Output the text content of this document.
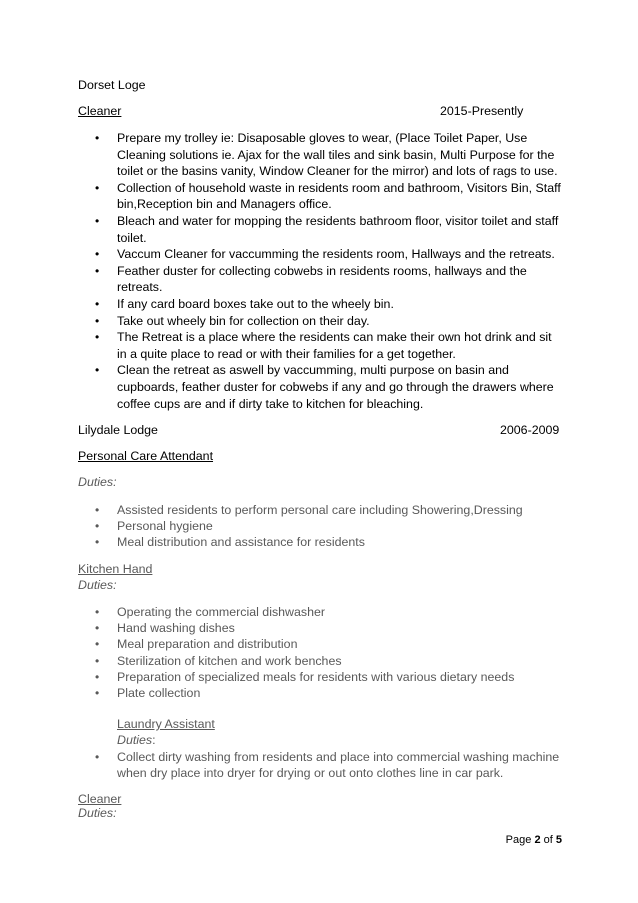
Dorset Loge
Cleaner	2015-Presently
• Prepare my trolley ie: Disaposable gloves to wear, (Place Toilet Paper, Use Cleaning solutions ie. Ajax for the wall tiles and sink basin, Multi Purpose for the toilet or the basins vanity, Window Cleaner for the mirror) and lots of rags to use.
• Collection of household waste in residents room and bathroom, Visitors Bin, Staff bin,Reception bin and Managers office.
• Bleach and water for mopping the residents bathroom floor, visitor toilet and staff toilet.
• Vaccum Cleaner for vaccumming the residents room, Hallways and the retreats.
• Feather duster for collecting cobwebs in residents rooms, hallways and the retreats.
• If any card board boxes take out to the wheely bin.
• Take out wheely bin for collection on their day.
• The Retreat is a place where the residents can make their own hot drink and sit in a quite place to read or with their families for a get together.
• Clean the retreat as aswell by vaccumming, multi purpose on basin and cupboards, feather duster for cobwebs if any and go through the drawers where coffee cups are and if dirty take to kitchen for bleaching.
Lilydale Lodge	2006-2009
Personal Care Attendant
Duties:
• Assisted residents to perform personal care including Showering,Dressing
• Personal hygiene
• Meal distribution and assistance for residents
Kitchen Hand
Duties:
• Operating the commercial dishwasher
• Hand washing dishes
• Meal preparation and distribution
• Sterilization of kitchen and work benches
• Preparation of specialized meals for residents with various dietary needs
• Plate collection
Laundry Assistant
Duties:
• Collect dirty washing from residents and place into commercial washing machine when dry place into dryer for drying or out onto clothes line in car park.
Cleaner
Duties:
Page 2 of 5
